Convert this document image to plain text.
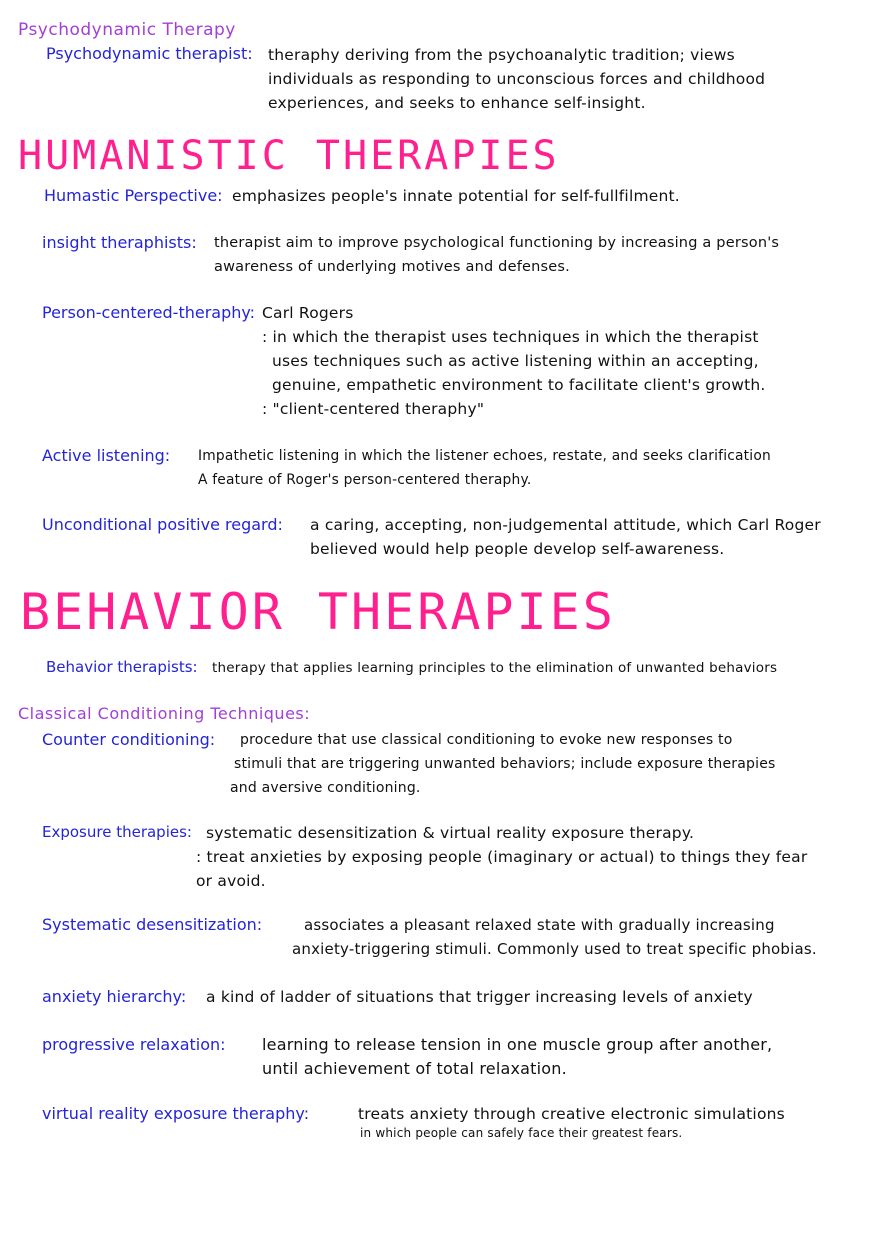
Psychodynamic Therapy
Psychodynamic therapist: theraphy deriving from the psychoanalytic tradition; views
individuals as responding to unconscious forces and childhood
experiences, and seeks to enhance self-insight.
HUMANISTIC THERAPIES
Humastic Perspective: emphasizes people's innate potential for self-fullfilment.
insight theraphists: therapist aim to improve psychological functioning by increasing a person's
awareness of underlying motives and defenses.
Person-centered-theraphy: Carl Rogers
: in which the therapist uses techniques in which the therapist
uses techniques such as active listening within an accepting,
genuine, empathetic environment to facilitate client's growth.
: "client-centered theraphy"
Active listening: Impathetic listening in which the listener echoes, restate, and seeks clarification
A feature of Roger's person-centered theraphy.
Unconditional positive regard: a caring, accepting, non-judgemental attitude, which Carl Roger
believed would help people develop self-awareness.
BEHAVIOR THERAPIES
Behavior therapists: therapy that applies learning principles to the elimination of unwanted behaviors
Classical Conditioning Techniques:
Counter conditioning:	procedure that use classical conditioning to evoke new responses to
stimuli that are triggering unwanted behaviors; include exposure therapies
and aversive conditioning.
Exposure therapies: systematic desensitization & virtual reality exposure therapy.
: treat anxieties by exposing people (imaginary or actual) to things they fear
or avoid.
Systematic desensitization:	associates a pleasant relaxed state with gradually increasing
anxiety-triggering stimuli. Commonly used to treat specific phobias.
anxiety hierarchy: a kind of ladder of situations that trigger increasing levels of anxiety
progressive relaxation: learning to release tension in one muscle group after another,
until achievement of total relaxation.
virtual reality exposure theraphy:	treats anxiety through creative electronic simulations
in which people can safely face their greatest fears.
